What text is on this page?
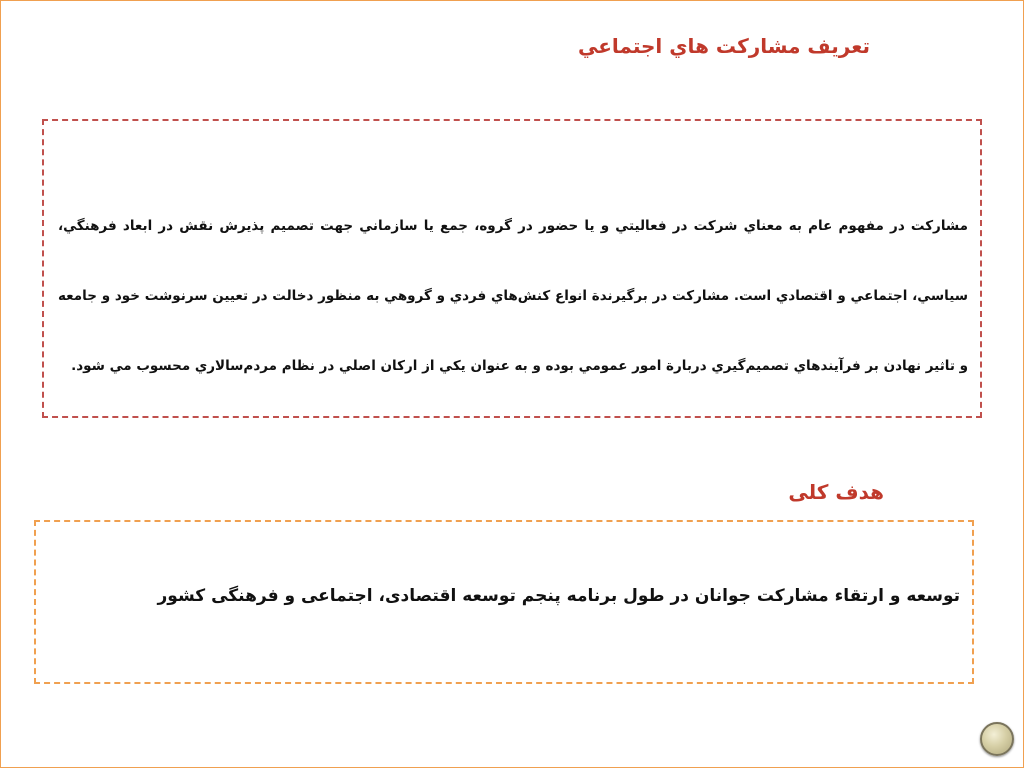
تعريف مشاركت هاي اجتماعي

مشاركت در مفهوم عام به معناي شركت در فعاليتي و يا حضور در گروه، جمع يا سازماني جهت تصميم پذيرش نقش در ابعاد فرهنگي، سياسي، اجتماعي و اقتصادي است. مشاركت در برگيرندة انواع كنش‌هاي فردي و گروهي به منظور دخالت در تعيين سرنوشت خود و جامعه و تاثير نهادن بر فرآيندهاي تصميم‌گيري دربارة امور عمومي بوده و به عنوان يكي از اركان اصلي در نظام مردم‌سالاري محسوب مي شود.

هدف کلی

توسعه و ارتقاء مشارکت جوانان در طول برنامه پنجم توسعه اقتصادی، اجتماعی و فرهنگی کشور
